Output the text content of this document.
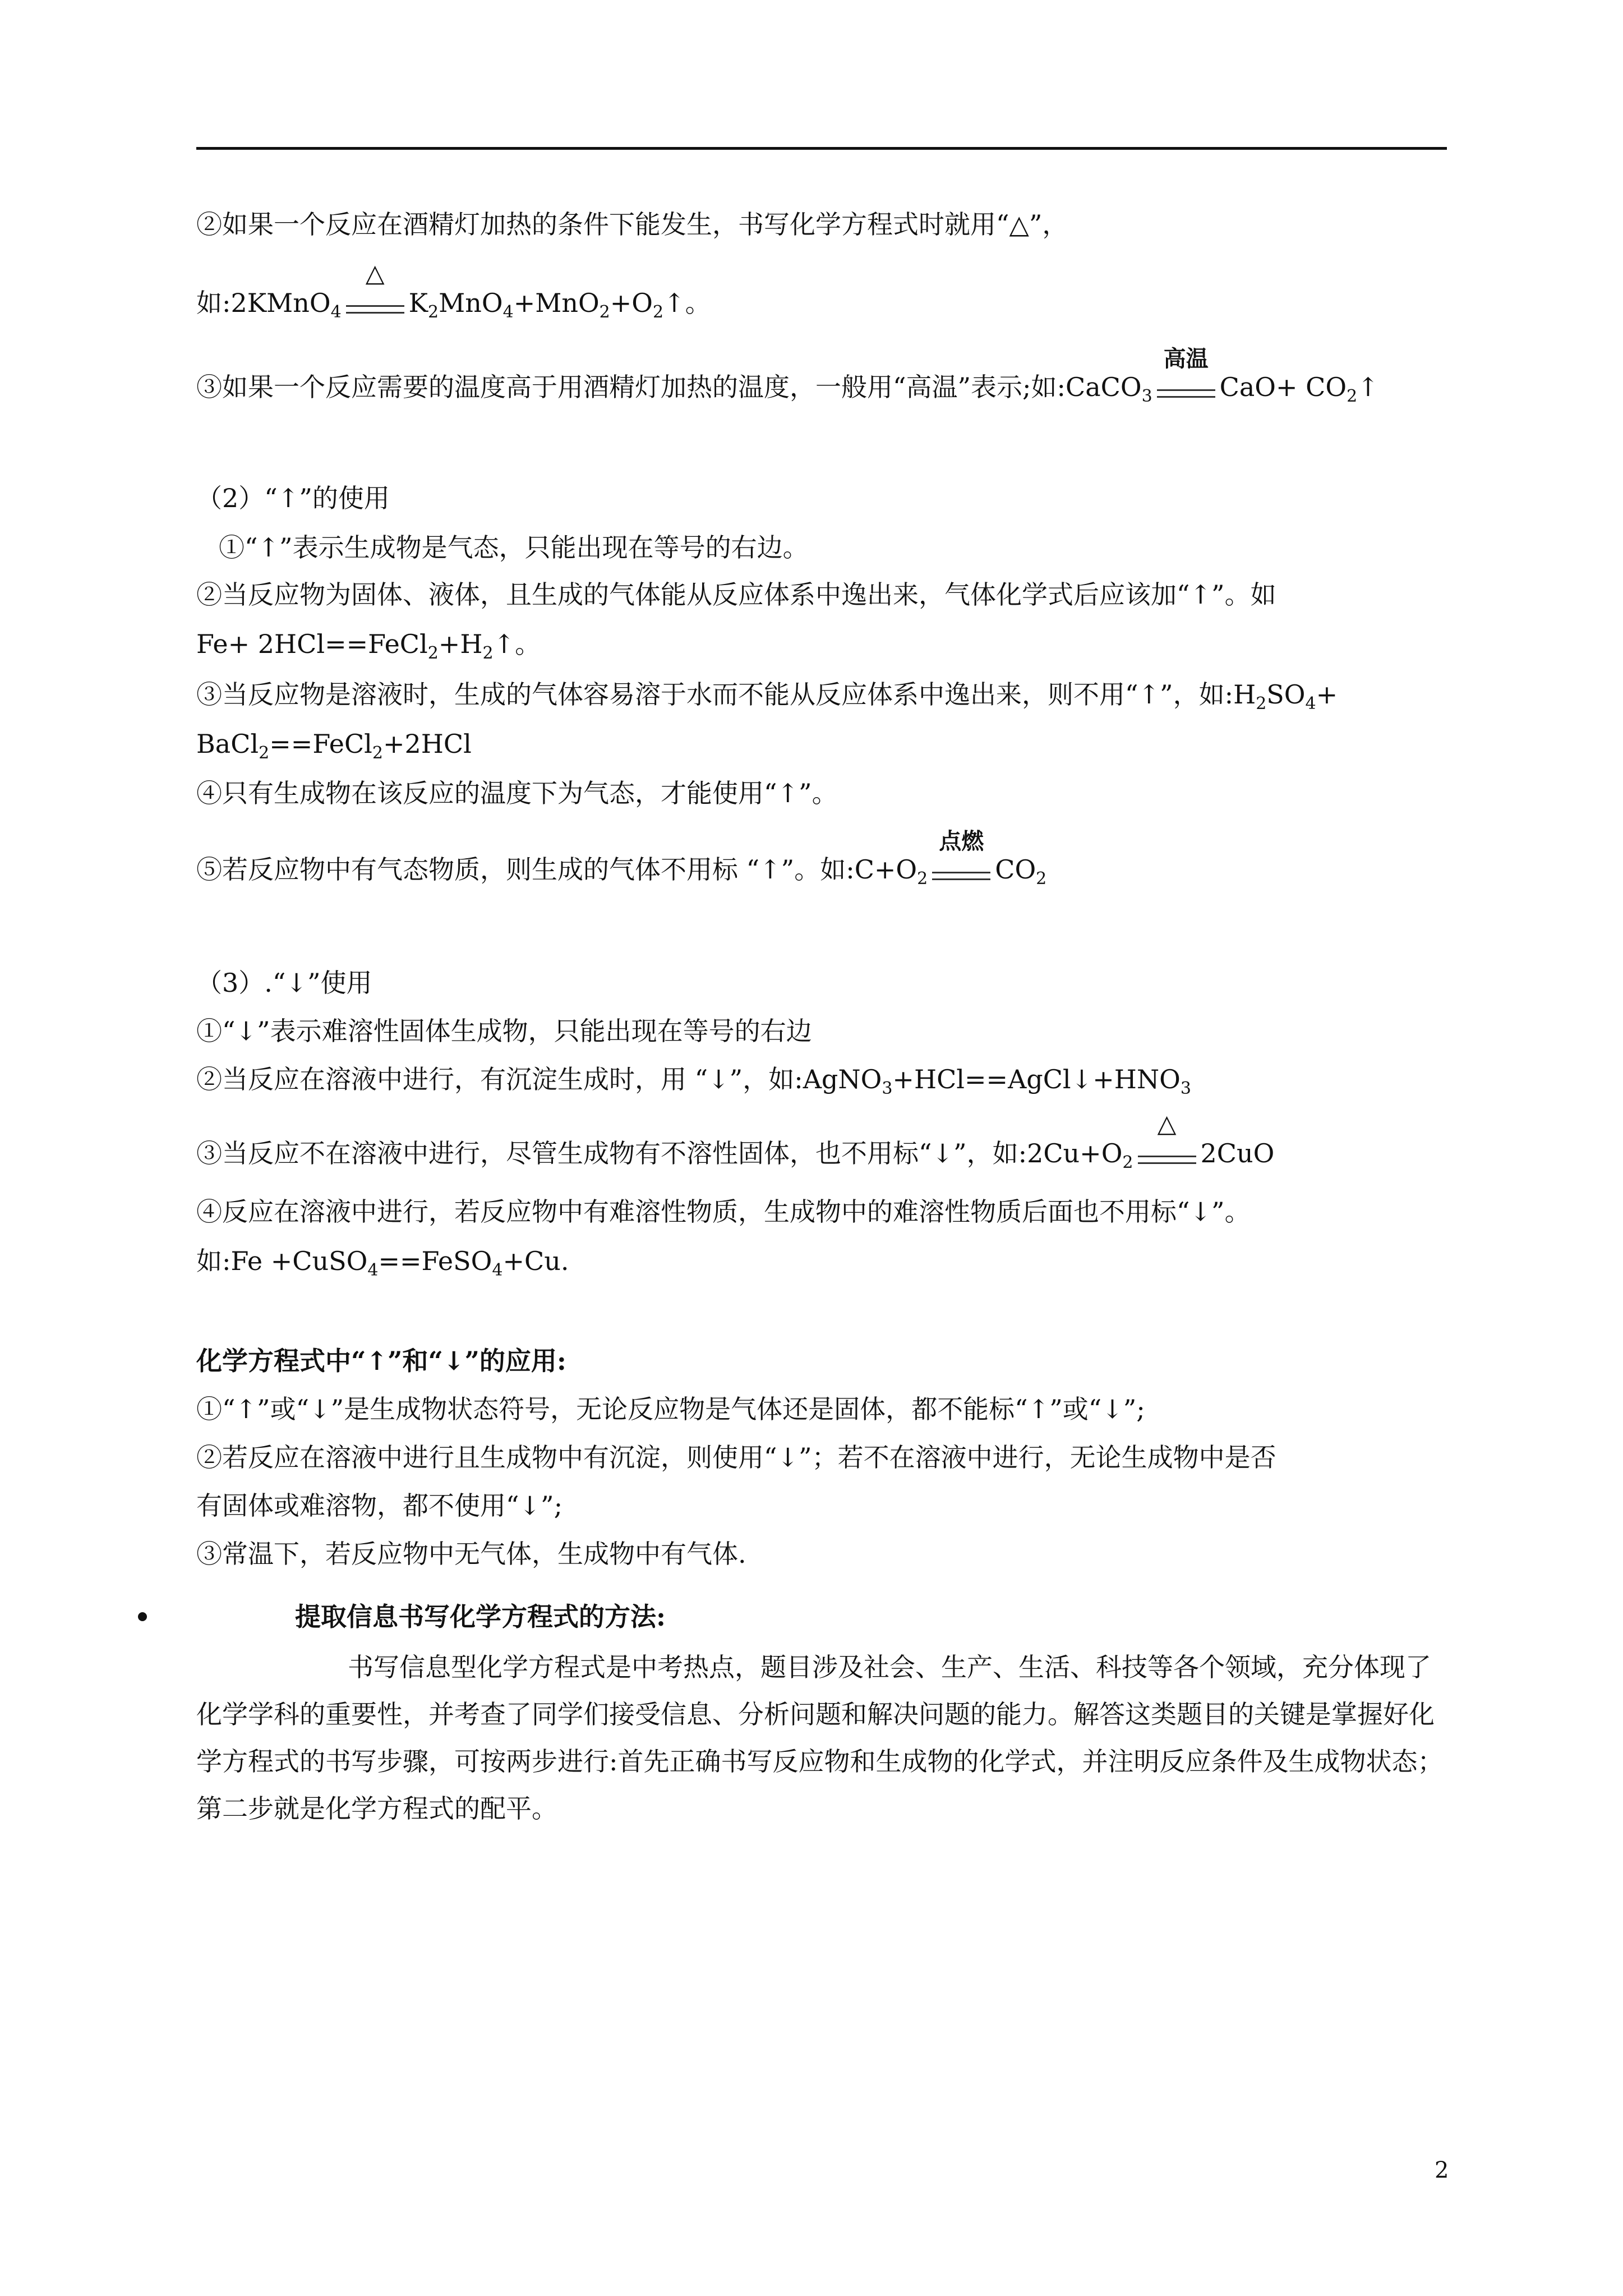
②如果一个反应在酒精灯加热的条件下能发生，书写化学方程式时就用“△”，
如:2KMnO$_4$
△
$K_2MnO_4+MnO_2+O_2↑$。
③如果一个反应需要的温度高于用酒精灯加热的温度，一般用“高温”表示;如:CaCO$_3$
高温
$CaO+ CO_2↑$
（2）“↑”的使用
①“↑”表示生成物是气态，只能出现在等号的右边。
②当反应物为固体、液体，且生成的气体能从反应体系中逸出来，气体化学式后应该加“↑”。如
$Fe+ 2HCl==FeCl_2+H_2↑$。
③当反应物是溶液时，生成的气体容易溶于水而不能从反应体系中逸出来，则不用“↑”，如$:H_2SO_4+$
BaCl$_2$==FeCl$_2$+2HCl
④只有生成物在该反应的温度下为气态，才能使用“↑”。
⑤若反应物中有气态物质，则生成的气体不用标 “↑”。如$:C+O_2$
点燃
$CO_2$
（3）.“↓”使用
①“↓”表示难溶性固体生成物，只能出现在等号的右边
②当反应在溶液中进行，有沉淀生成时，用 “↓”，如$:AgNO_3+HCl==AgCl↓+HNO_3$
③当反应不在溶液中进行，尽管生成物有不溶性固体，也不用标“↓”，如$:2Cu+O_2$
△
2CuO
④反应在溶液中进行，若反应物中有难溶性物质，生成物中的难溶性物质后面也不用标“↓”。
如:Fe +CuSO$_4$==FeSO$_4$+Cu.
化学方程式中“↑”和“↓”的应用:
①“↑”或“↓”是生成物状态符号，无论反应物是气体还是固体，都不能标“↑”或“↓”;
②若反应在溶液中进行且生成物中有沉淀，则使用“↓”；若不在溶液中进行，无论生成物中是否
有固体或难溶物，都不使用“↓”;
③常温下，若反应物中无气体，生成物中有气体.
提取信息书写化学方程式的方法:
书写信息型化学方程式是中考热点，题目涉及社会、生产、生活、科技等各个领域，充分体现了化学学科的重要性，并考查了同学们接受信息、分析问题和解决问题的能力。解答这类题目的关键是掌握好化学方程式的书写步骤，可按两步进行:首先正确书写反应物和生成物的化学式，并注明反应条件及生成物状态；第二步就是化学方程式的配平。
2
